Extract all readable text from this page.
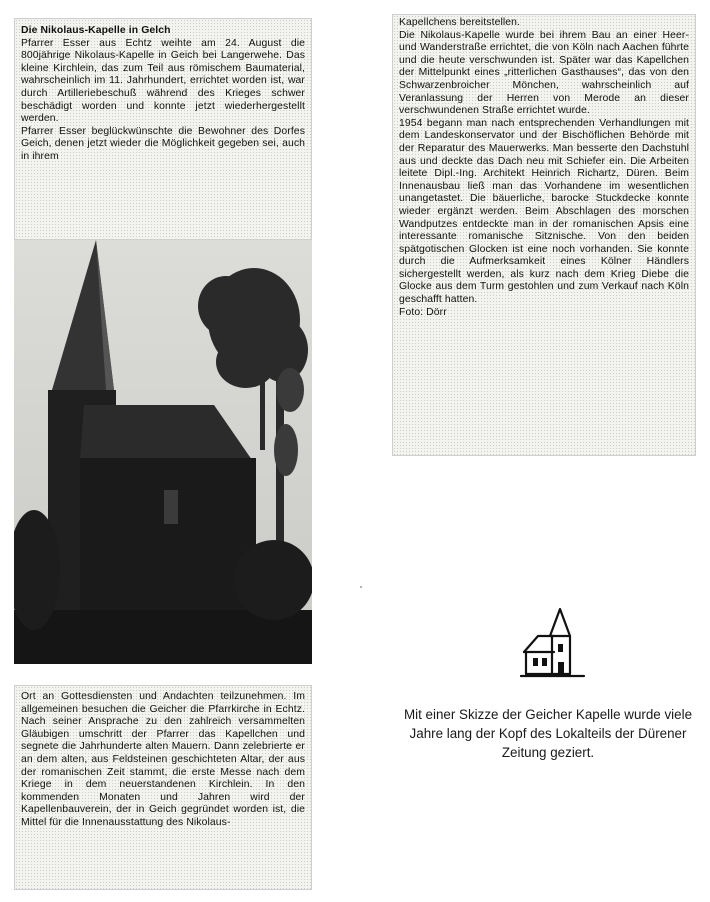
Die Nikolaus-Kapelle in Gelch

Pfarrer Esser aus Echtz weihte am 24. August die 800jährige Nikolaus-Kapelle in Geich bei Langerwehe. Das kleine Kirchlein, das zum Teil aus römischem Baumaterial, wahrscheinlich im 11. Jahrhundert, errichtet worden ist, war durch Artilleriebeschuß während des Krieges schwer beschädigt worden und konnte jetzt wiederhergestellt werden.

Pfarrer Esser beglückwünschte die Bewohner des Dorfes Geich, denen jetzt wieder die Möglichkeit gegeben sei, auch in ihrem

Ort an Gottesdiensten und Andachten teilzunehmen. Im allgemeinen besuchen die Geicher die Pfarrkirche in Echtz. Nach seiner Ansprache zu den zahlreich versammelten Gläubigen umschritt der Pfarrer das Kapellchen und segnete die Jahrhunderte alten Mauern. Dann zelebrierte er an dem alten, aus Feldsteinen geschichteten Altar, der aus der romanischen Zeit stammt, die erste Messe nach dem Kriege in dem neuerstandenen Kirchlein. In den kommenden Monaten und Jahren wird der Kapellenbauverein, der in Geich gegründet worden ist, die Mittel für die Innenausstattung des Nikolaus-

Kapellchens bereitstellen.

Die Nikolaus-Kapelle wurde bei ihrem Bau an einer Heer- und Wanderstraße errichtet, die von Köln nach Aachen führte und die heute verschwunden ist. Später war das Kapellchen der Mittelpunkt eines „ritterlichen Gasthauses“, das von den Schwarzenbroicher Mönchen, wahrscheinlich auf Veranlassung der Herren von Merode an dieser verschwundenen Straße errichtet wurde.

1954 begann man nach entsprechenden Verhandlungen mit dem Landeskonservator und der Bischöflichen Behörde mit der Reparatur des Mauerwerks. Man besserte den Dachstuhl aus und deckte das Dach neu mit Schiefer ein. Die Arbeiten leitete Dipl.-Ing. Architekt Heinrich Richartz, Düren. Beim Innenausbau ließ man das Vorhandene im wesentlichen unangetastet. Die bäuerliche, barocke Stuckdecke konnte wieder ergänzt werden. Beim Abschlagen des morschen Wandputzes entdeckte man in der romanischen Apsis eine interessante romanische Sitznische. Von den beiden spätgotischen Glocken ist eine noch vorhanden. Sie konnte durch die Aufmerksamkeit eines Kölner Händlers sichergestellt werden, als kurz nach dem Krieg Diebe die Glocke aus dem Turm gestohlen und zum Verkauf nach Köln geschafft hatten.

Foto: Dörr

Mit einer Skizze der Geicher Kapelle wurde viele Jahre lang der Kopf des Lokalteils der Dürener Zeitung geziert.
